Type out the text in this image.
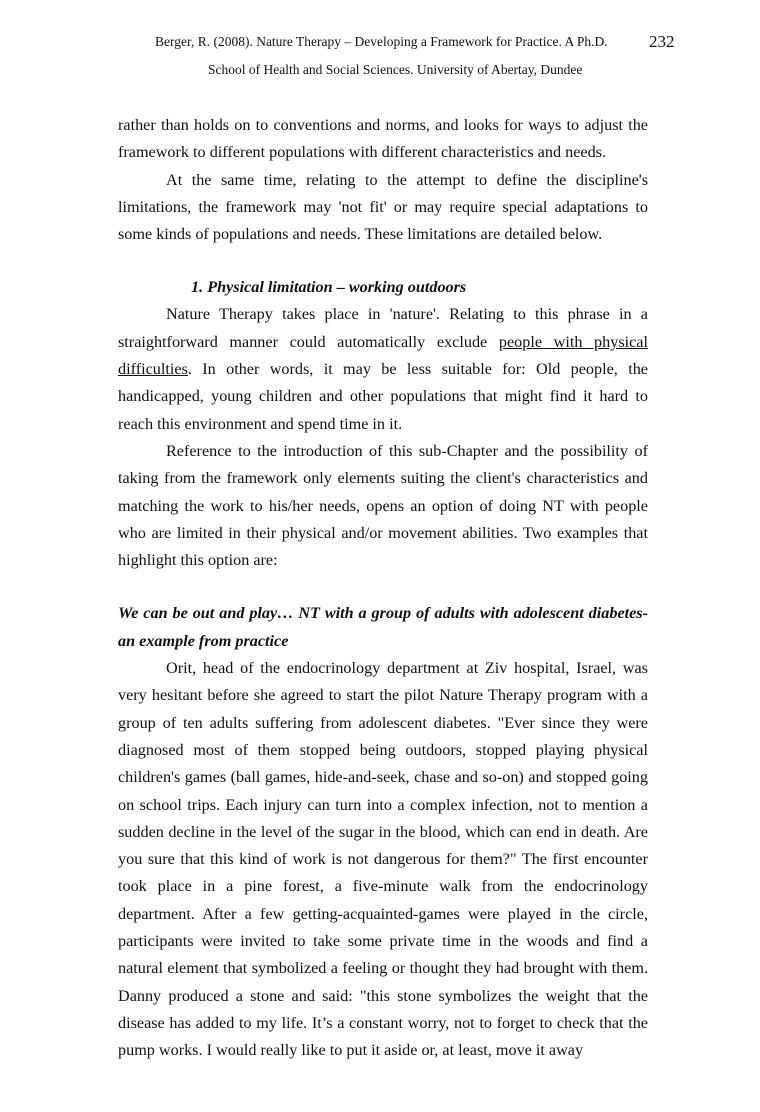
Berger, R. (2008). Nature Therapy – Developing a Framework for Practice. A Ph.D.	232
School of Health and Social Sciences. University of Abertay, Dundee

rather than holds on to conventions and norms, and looks for ways to adjust the framework to different populations with different characteristics and needs.

At the same time, relating to the attempt to define the discipline's limitations, the framework may 'not fit' or may require special adaptations to some kinds of populations and needs. These limitations are detailed below.

1. Physical limitation – working outdoors

Nature Therapy takes place in 'nature'. Relating to this phrase in a straightforward manner could automatically exclude people with physical difficulties. In other words, it may be less suitable for: Old people, the handicapped, young children and other populations that might find it hard to reach this environment and spend time in it.

Reference to the introduction of this sub-Chapter and the possibility of taking from the framework only elements suiting the client's characteristics and matching the work to his/her needs, opens an option of doing NT with people who are limited in their physical and/or movement abilities. Two examples that highlight this option are:

We can be out and play… NT with a group of adults with adolescent diabetes- an example from practice

Orit, head of the endocrinology department at Ziv hospital, Israel, was very hesitant before she agreed to start the pilot Nature Therapy program with a group of ten adults suffering from adolescent diabetes. "Ever since they were diagnosed most of them stopped being outdoors, stopped playing physical children's games (ball games, hide-and-seek, chase and so-on) and stopped going on school trips. Each injury can turn into a complex infection, not to mention a sudden decline in the level of the sugar in the blood, which can end in death. Are you sure that this kind of work is not dangerous for them?" The first encounter took place in a pine forest, a five-minute walk from the endocrinology department. After a few getting-acquainted-games were played in the circle, participants were invited to take some private time in the woods and find a natural element that symbolized a feeling or thought they had brought with them. Danny produced a stone and said: "this stone symbolizes the weight that the disease has added to my life. It’s a constant worry, not to forget to check that the pump works. I would really like to put it aside or, at least, move it away
